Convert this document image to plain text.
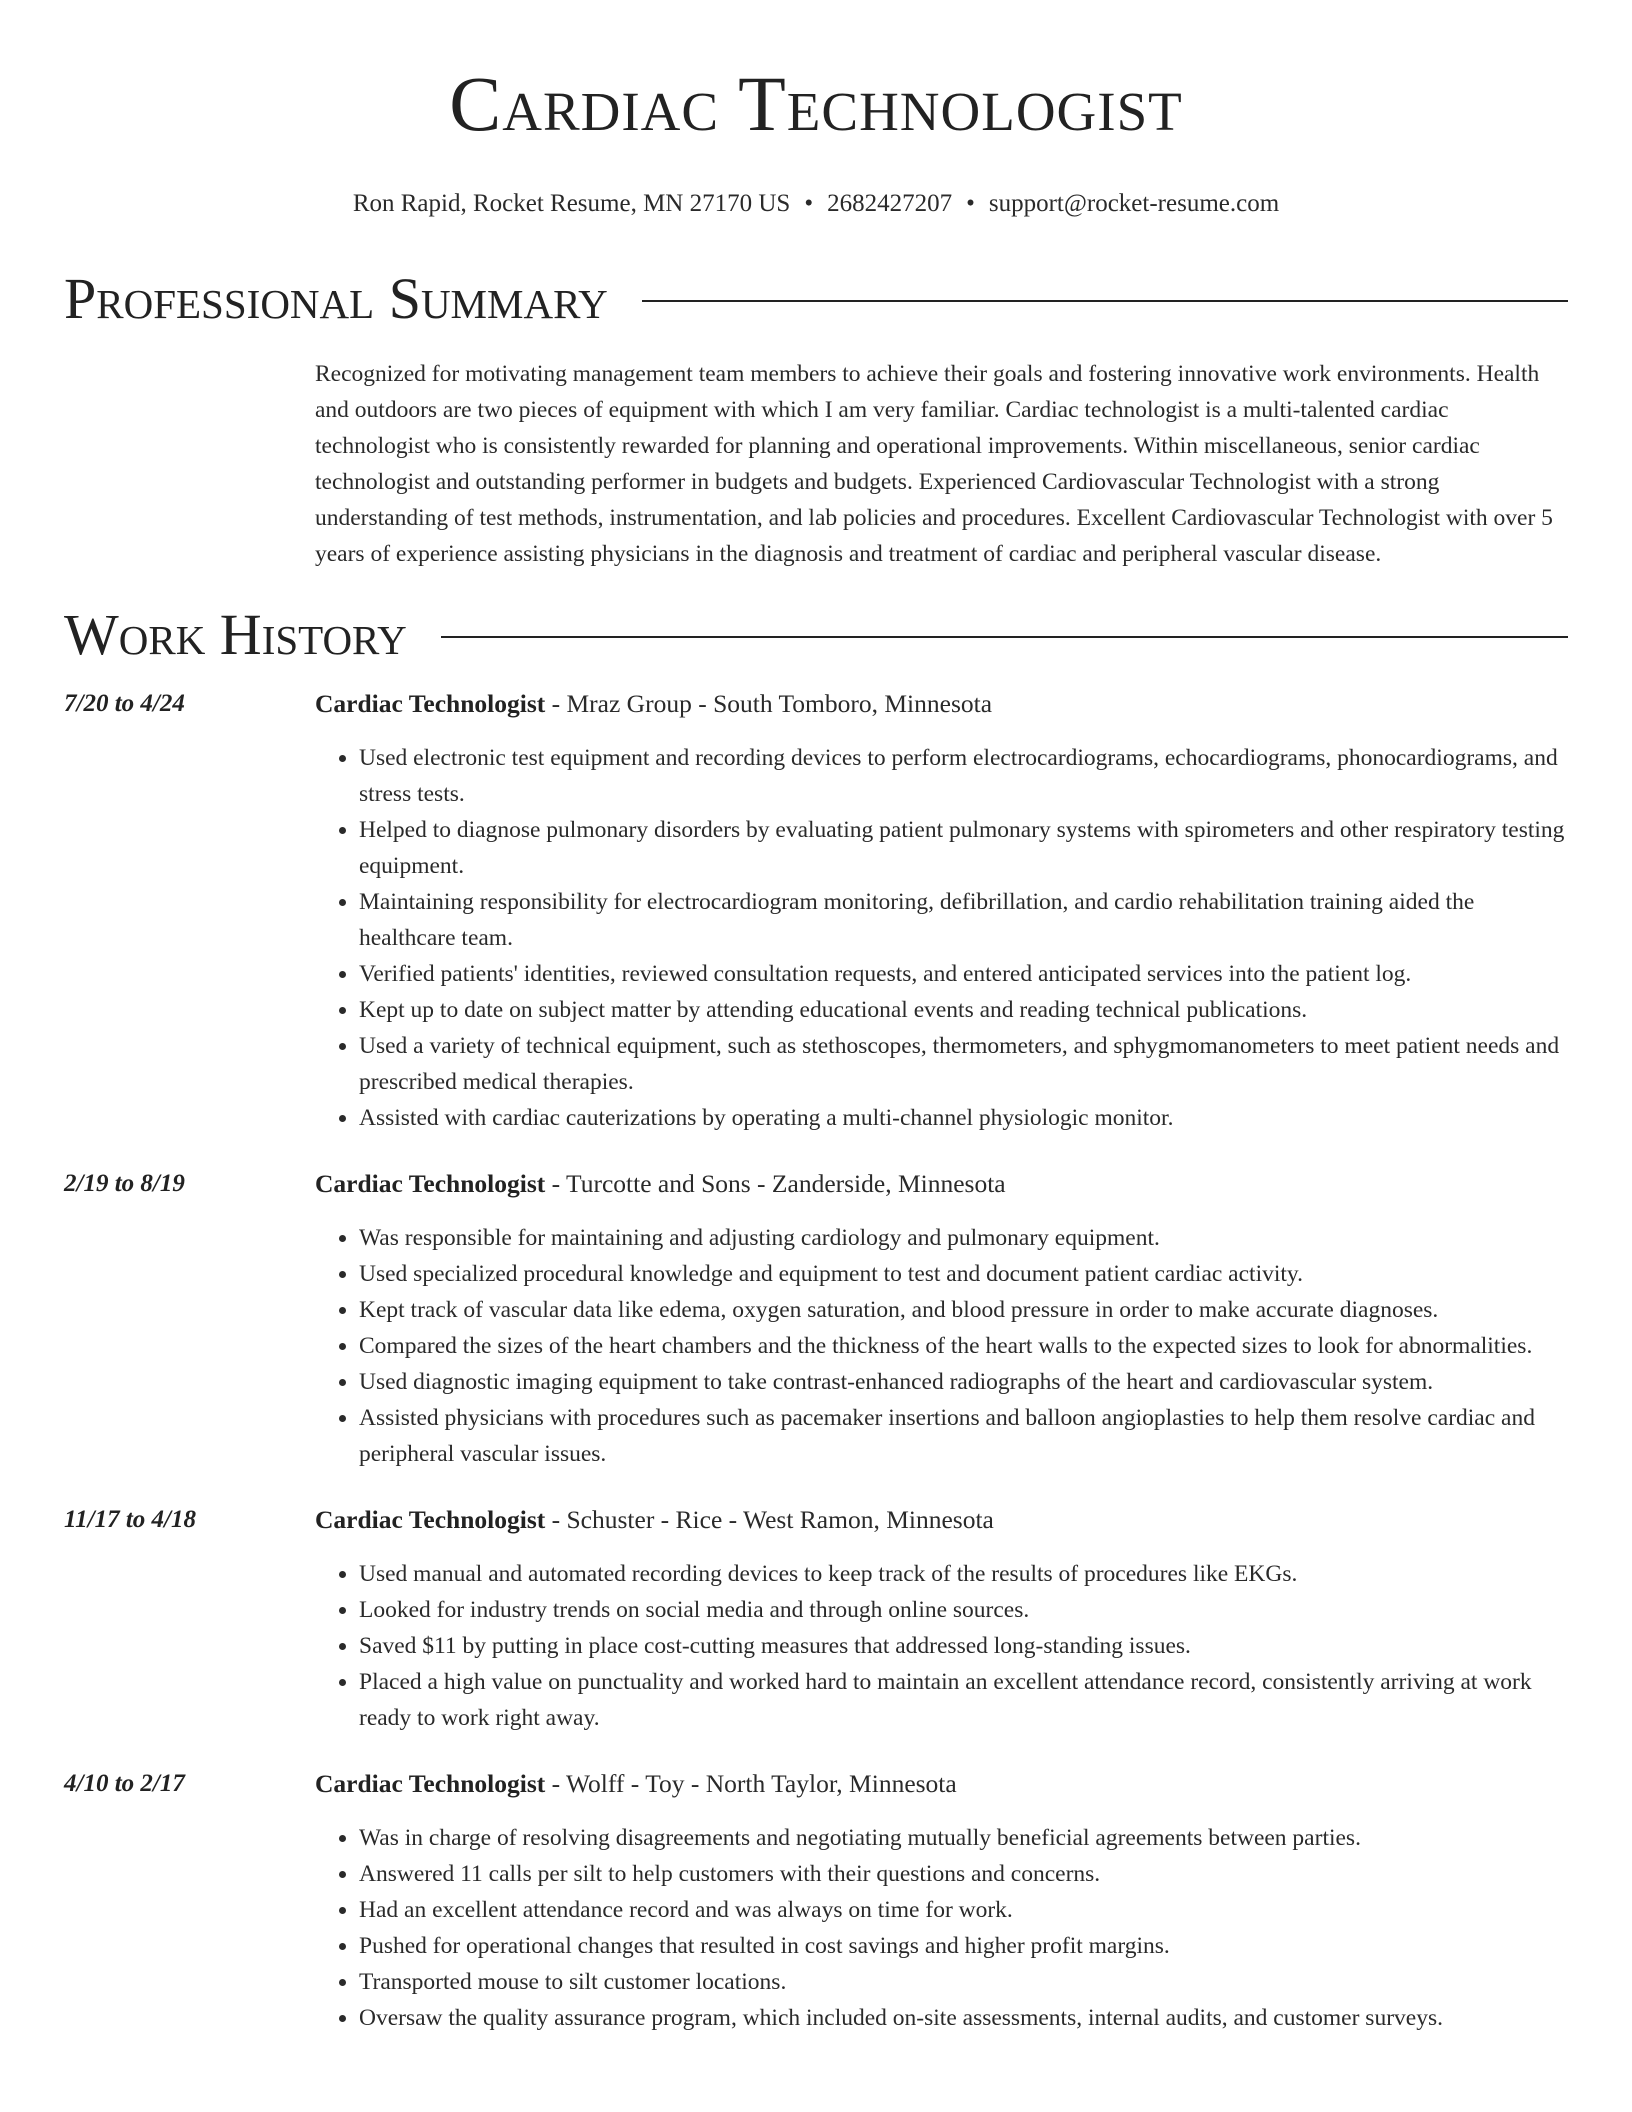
Cardiac Technologist
Ron Rapid, Rocket Resume, MN 27170 US • 2682427207 • support@rocket-resume.com
Professional Summary
Recognized for motivating management team members to achieve their goals and fostering innovative work environments. Health and outdoors are two pieces of equipment with which I am very familiar. Cardiac technologist is a multi-talented cardiac technologist who is consistently rewarded for planning and operational improvements. Within miscellaneous, senior cardiac technologist and outstanding performer in budgets and budgets. Experienced Cardiovascular Technologist with a strong understanding of test methods, instrumentation, and lab policies and procedures. Excellent Cardiovascular Technologist with over 5 years of experience assisting physicians in the diagnosis and treatment of cardiac and peripheral vascular disease.
Work History
7/20 to 4/24	Cardiac Technologist - Mraz Group - South Tomboro, Minnesota
• Used electronic test equipment and recording devices to perform electrocardiograms, echocardiograms, phonocardiograms, and stress tests.
• Helped to diagnose pulmonary disorders by evaluating patient pulmonary systems with spirometers and other respiratory testing equipment.
• Maintaining responsibility for electrocardiogram monitoring, defibrillation, and cardio rehabilitation training aided the healthcare team.
• Verified patients' identities, reviewed consultation requests, and entered anticipated services into the patient log.
• Kept up to date on subject matter by attending educational events and reading technical publications.
• Used a variety of technical equipment, such as stethoscopes, thermometers, and sphygmomanometers to meet patient needs and prescribed medical therapies.
• Assisted with cardiac cauterizations by operating a multi-channel physiologic monitor.
2/19 to 8/19	Cardiac Technologist - Turcotte and Sons - Zanderside, Minnesota
• Was responsible for maintaining and adjusting cardiology and pulmonary equipment.
• Used specialized procedural knowledge and equipment to test and document patient cardiac activity.
• Kept track of vascular data like edema, oxygen saturation, and blood pressure in order to make accurate diagnoses.
• Compared the sizes of the heart chambers and the thickness of the heart walls to the expected sizes to look for abnormalities.
• Used diagnostic imaging equipment to take contrast-enhanced radiographs of the heart and cardiovascular system.
• Assisted physicians with procedures such as pacemaker insertions and balloon angioplasties to help them resolve cardiac and peripheral vascular issues.
11/17 to 4/18	Cardiac Technologist - Schuster - Rice - West Ramon, Minnesota
• Used manual and automated recording devices to keep track of the results of procedures like EKGs.
• Looked for industry trends on social media and through online sources.
• Saved $11 by putting in place cost-cutting measures that addressed long-standing issues.
• Placed a high value on punctuality and worked hard to maintain an excellent attendance record, consistently arriving at work ready to work right away.
4/10 to 2/17	Cardiac Technologist - Wolff - Toy - North Taylor, Minnesota
• Was in charge of resolving disagreements and negotiating mutually beneficial agreements between parties.
• Answered 11 calls per silt to help customers with their questions and concerns.
• Had an excellent attendance record and was always on time for work.
• Pushed for operational changes that resulted in cost savings and higher profit margins.
• Transported mouse to silt customer locations.
• Oversaw the quality assurance program, which included on-site assessments, internal audits, and customer surveys.
